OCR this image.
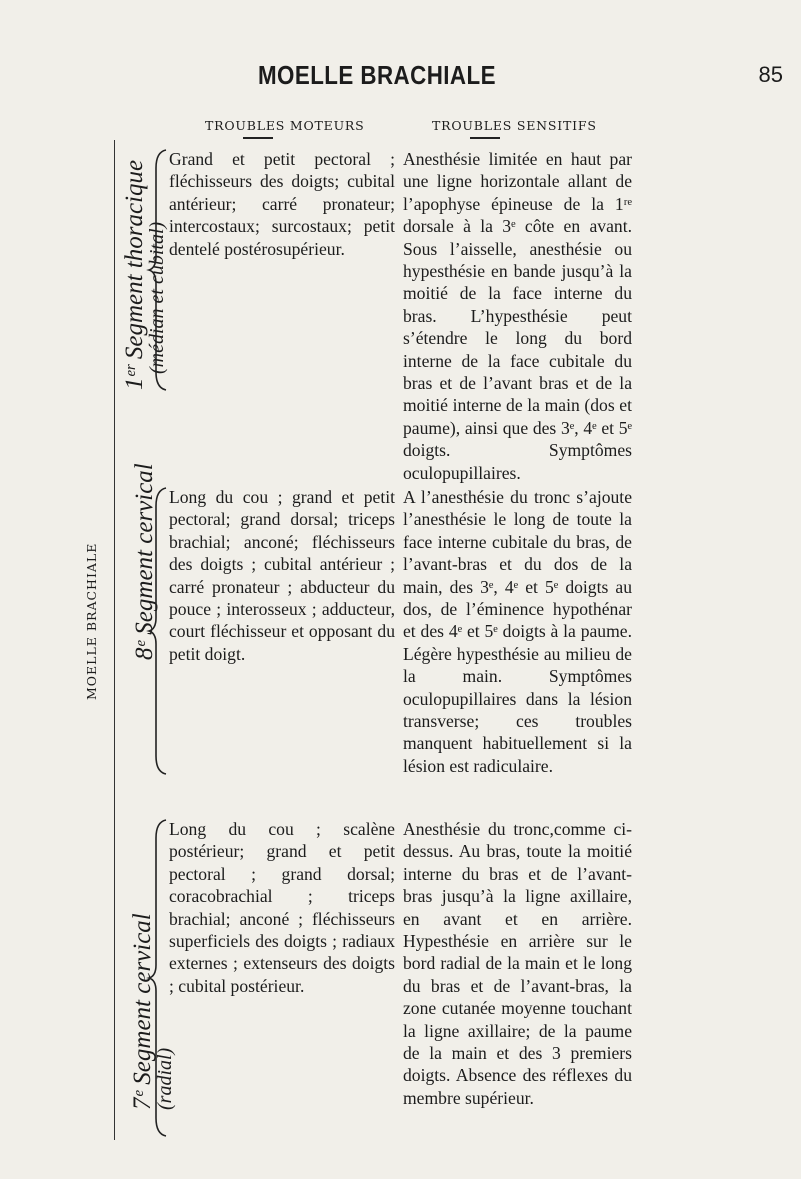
MOELLE BRACHIALE	85
TROUBLES MOTEURS	TROUBLES SENSITIFS
MOELLE BRACHIALE
1ᵉʳ Segment thoracique
(médian et cubital)
Grand et petit pectoral ; fléchisseurs des doigts; cubital antérieur; carré pronateur; intercostaux; surcostaux; petit dentelé postérosupérieur.
Anesthésie limitée en haut par une ligne horizontale allant de l’apophyse épineuse de la 1ʳᵉ dorsale à la 3ᵉ côte en avant. Sous l’aisselle, anesthésie ou hypesthésie en bande jusqu’à la moitié de la face interne du bras. L’hypesthésie peut s’étendre le long du bord interne de la face cubitale du bras et de l’avant bras et de la moitié interne de la main (dos et paume), ainsi que des 3ᵉ, 4ᵉ et 5ᵉ doigts. Symptômes oculopupillaires.
8ᵉ Segment cervical Long du cou ; grand et petit pectoral; grand dorsal; triceps brachial; anconé; fléchisseurs des doigts ; cubital antérieur ; carré pronateur ; abducteur du pouce ; interosseux ; adducteur, court fléchisseur et opposant du petit doigt.
A l’anesthésie du tronc s’ajoute l’anesthésie le long de toute la face interne cubitale du bras, de l’avant-bras et du dos de la main, des 3ᵉ, 4ᵉ et 5ᵉ doigts au dos, de l’éminence hypothénar et des 4ᵉ et 5ᵉ doigts à la paume. Légère hypesthésie au milieu de la main. Symptômes oculopupillaires dans la lésion transverse; ces troubles manquent habituellement si la lésion est radiculaire.
7ᵉ Segment cervical
(radial)
Long du cou ; scalène postérieur; grand et petit pectoral ; grand dorsal; coracobrachial ; triceps brachial; anconé ; fléchisseurs superficiels des doigts ; radiaux externes ; extenseurs des doigts ; cubital postérieur.
Anesthésie du tronc,comme ci-dessus. Au bras, toute la moitié interne du bras et de l’avant-bras jusqu’à la ligne axillaire, en avant et en arrière. Hypesthésie en arrière sur le bord radial de la main et le long du bras et de l’avant-bras, la zone cutanée moyenne touchant la ligne axillaire; de la paume de la main et des 3 premiers doigts. Absence des réflexes du membre supérieur.
